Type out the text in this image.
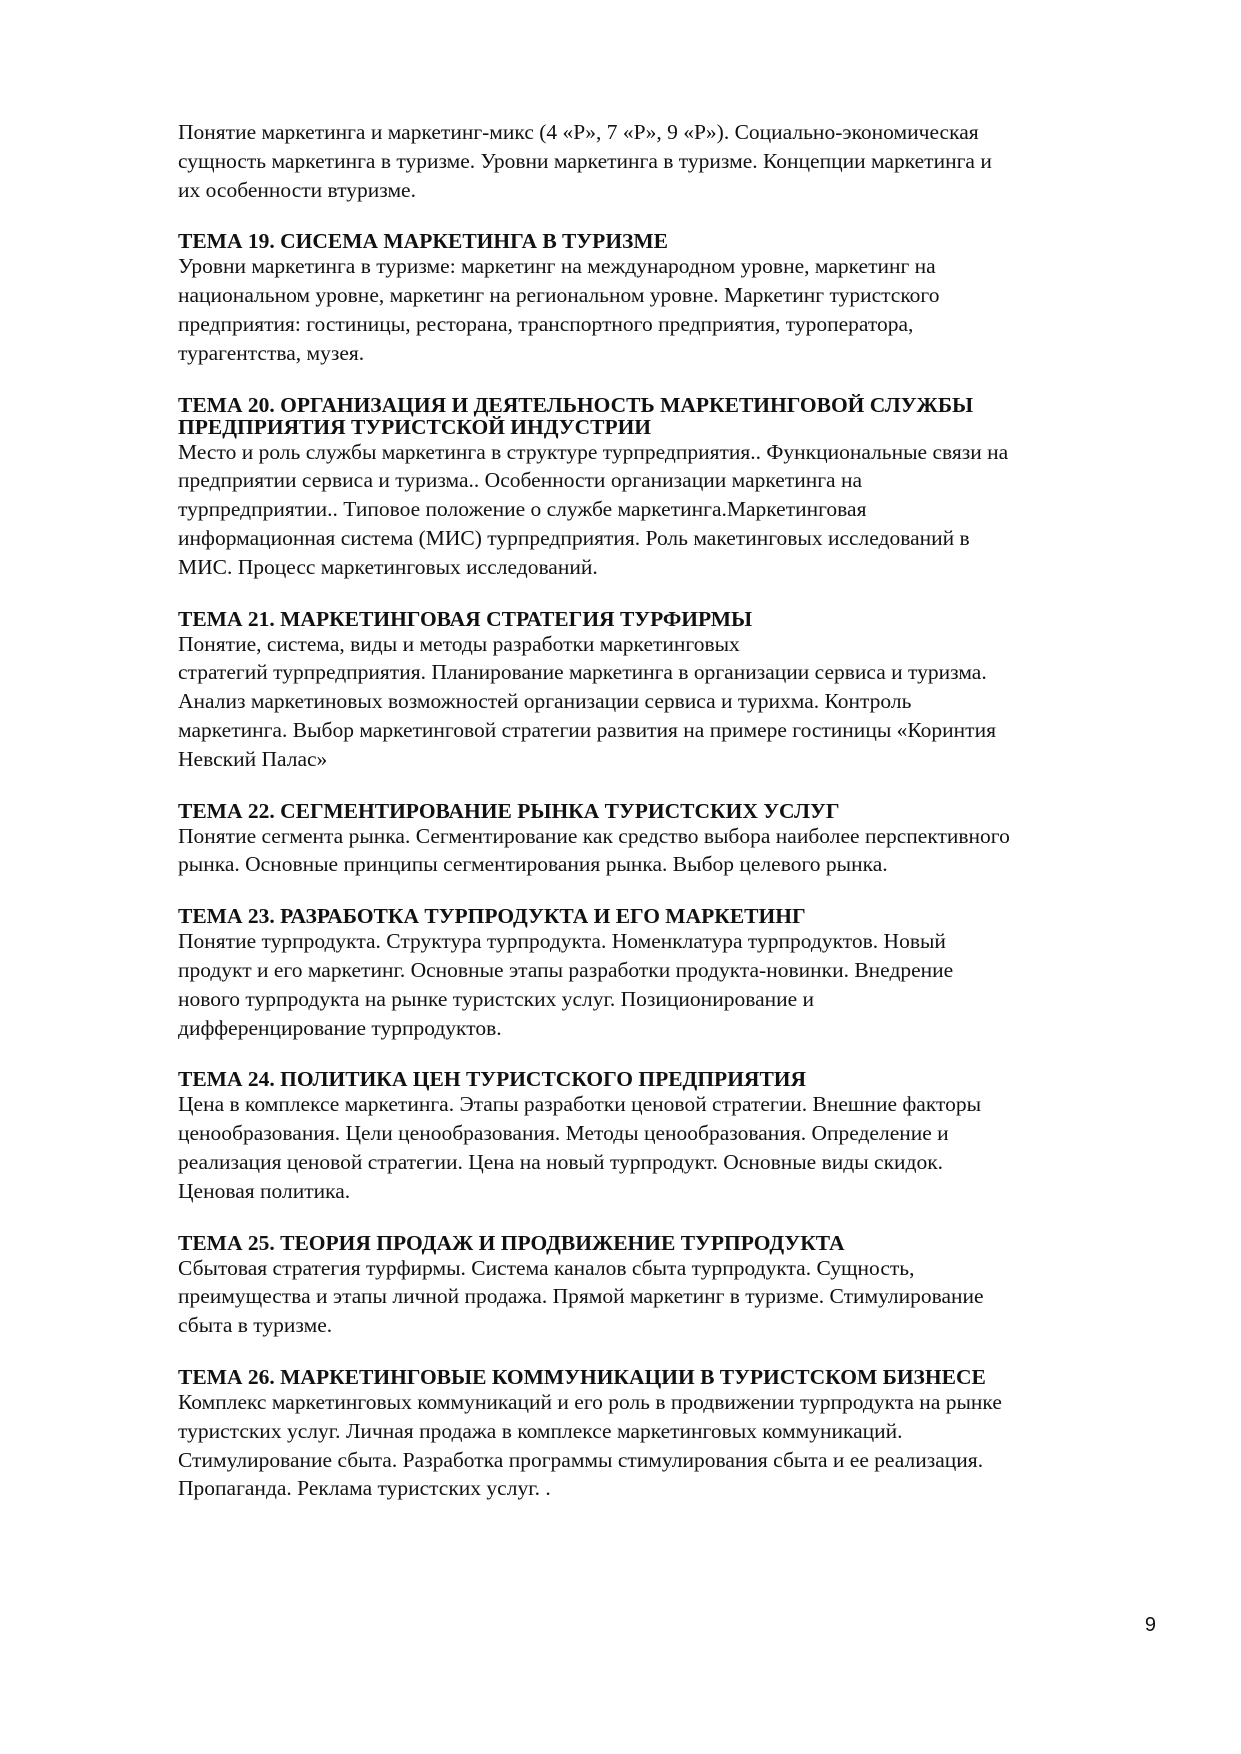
Понятие маркетинга и маркетинг-микс (4 «P», 7 «P», 9 «P»). Социально-экономическая
сущность маркетинга в туризме. Уровни маркетинга в туризме. Концепции маркетинга и
их особенности втуризме.

ТЕМА 19. СИСЕМА МАРКЕТИНГА В ТУРИЗМЕ

Уровни маркетинга в туризме: маркетинг на международном уровне, маркетинг на
национальном уровне, маркетинг на региональном уровне. Маркетинг туристского
предприятия: гостиницы, ресторана, транспортного предприятия, туроператора,
турагентства, музея.

ТЕМА 20. ОРГАНИЗАЦИЯ И ДЕЯТЕЛЬНОСТЬ МАРКЕТИНГОВОЙ СЛУЖБЫ
ПРЕДПРИЯТИЯ ТУРИСТСКОЙ ИНДУСТРИИ

Место и роль службы маркетинга в структуре турпредприятия.. Функциональные связи на
предприятии сервиса и туризма.. Особенности организации маркетинга на
турпредприятии.. Типовое положение о службе маркетинга.Маркетинговая
информационная система (МИС) турпредприятия. Роль макетинговых исследований в
МИС. Процесс маркетинговых исследований.

ТЕМА 21. МАРКЕТИНГОВАЯ СТРАТЕГИЯ ТУРФИРМЫ

Понятие, система, виды и методы разработки маркетинговых
стратегий турпредприятия. Планирование маркетинга в организации сервиса и туризма.
Анализ маркетиновых возможностей организации сервиса и турихма. Контроль
маркетинга. Выбор маркетинговой стратегии развития на примере гостиницы «Коринтия
Невский Палас»

ТЕМА 22. СЕГМЕНТИРОВАНИЕ РЫНКА ТУРИСТСКИХ УСЛУГ

Понятие сегмента рынка. Сегментирование как средство выбора наиболее перспективного
рынка. Основные принципы сегментирования рынка. Выбор целевого рынка.

ТЕМА 23. РАЗРАБОТКА ТУРПРОДУКТА И ЕГО МАРКЕТИНГ

Понятие турпродукта. Структура турпродукта. Номенклатура турпродуктов. Новый
продукт и его маркетинг. Основные этапы разработки продукта-новинки. Внедрение
нового турпродукта на рынке туристских услуг. Позиционирование и
дифференцирование турпродуктов.

ТЕМА 24. ПОЛИТИКА ЦЕН ТУРИСТСКОГО ПРЕДПРИЯТИЯ

Цена в комплексе маркетинга. Этапы разработки ценовой стратегии. Внешние факторы
ценообразования. Цели ценообразования. Методы ценообразования. Определение и
реализация ценовой стратегии. Цена на новый турпродукт. Основные виды скидок.
Ценовая политика.

ТЕМА 25. ТЕОРИЯ ПРОДАЖ И ПРОДВИЖЕНИЕ ТУРПРОДУКТА

Сбытовая стратегия турфирмы. Система каналов сбыта турпродукта. Сущность,
преимущества и этапы личной продажа. Прямой маркетинг в туризме. Стимулирование
сбыта в туризме.

ТЕМА 26. МАРКЕТИНГОВЫЕ КОММУНИКАЦИИ В ТУРИСТСКОМ БИЗНЕСЕ

Комплекс маркетинговых коммуникаций и его роль в продвижении турпродукта на рынке
туристских услуг. Личная продажа в комплексе маркетинговых коммуникаций.
Стимулирование сбыта. Разработка программы стимулирования сбыта и ее реализация.
Пропаганда. Реклама туристских услуг. .

9
